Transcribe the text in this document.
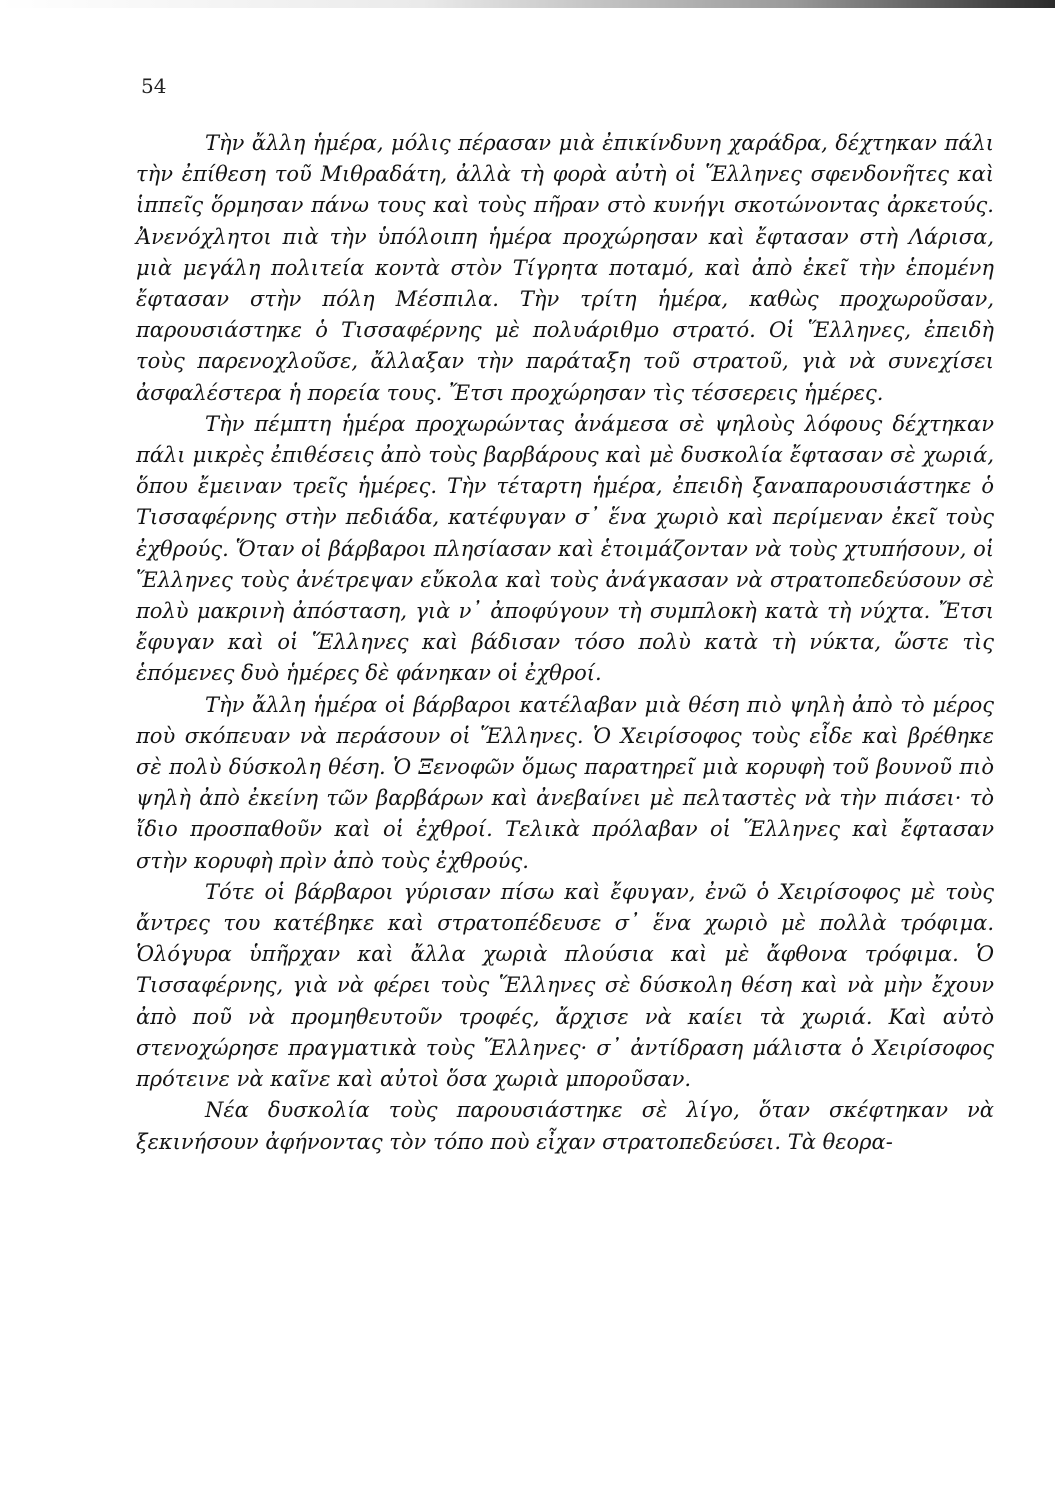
54

Τὴν ἄλλη ἡμέρα, μόλις πέρασαν μιὰ ἐπικίνδυνη χαράδρα, δέχτηκαν πάλι τὴν ἐπίθεση τοῦ Μιθραδάτη, ἀλλὰ τὴ φορὰ αὐτὴ οἱ Ἕλληνες σφενδονῆτες καὶ ἱππεῖς ὅρμησαν πάνω τους καὶ τοὺς πῆραν στὸ κυνήγι σκοτώνοντας ἀρκετούς. Ἀνενόχλητοι πιὰ τὴν ὑπόλοιπη ἡμέρα προχώρησαν καὶ ἔφτασαν στὴ Λάρισα, μιὰ μεγάλη πολιτεία κοντὰ στὸν Τίγρητα ποταμό, καὶ ἀπὸ ἐκεῖ τὴν ἑπομένη ἔφτασαν στὴν πόλη Μέσπιλα. Τὴν τρίτη ἡμέρα, καθὼς προχωροῦσαν, παρουσιάστηκε ὁ Τισσαφέρνης μὲ πολυάριθμο στρατό. Οἱ Ἕλληνες, ἐπειδὴ τοὺς παρενοχλοῦσε, ἄλλαξαν τὴν παράταξη τοῦ στρατοῦ, γιὰ νὰ συνεχίσει ἀσφαλέστερα ἡ πορεία τους. Ἔτσι προχώρησαν τὶς τέσσερεις ἡμέρες.

Τὴν πέμπτη ἡμέρα προχωρώντας ἀνάμεσα σὲ ψηλοὺς λόφους δέχτηκαν πάλι μικρὲς ἐπιθέσεις ἀπὸ τοὺς βαρβάρους καὶ μὲ δυσκολία ἔφτασαν σὲ χωριά, ὅπου ἔμειναν τρεῖς ἡμέρες. Τὴν τέταρτη ἡμέρα, ἐπειδὴ ξαναπαρουσιάστηκε ὁ Τισσαφέρνης στὴν πεδιάδα, κατέφυγαν σ᾽ ἕνα χωριὸ καὶ περίμεναν ἐκεῖ τοὺς ἐχθρούς. Ὅταν οἱ βάρβαροι πλησίασαν καὶ ἑτοιμάζονταν νὰ τοὺς χτυπήσουν, οἱ Ἕλληνες τοὺς ἀνέτρεψαν εὔκολα καὶ τοὺς ἀνάγκασαν νὰ στρατοπεδεύσουν σὲ πολὺ μακρινὴ ἀπόσταση, γιὰ ν᾽ ἀποφύγουν τὴ συμπλοκὴ κατὰ τὴ νύχτα. Ἔτσι ἔφυγαν καὶ οἱ Ἕλληνες καὶ βάδισαν τόσο πολὺ κατὰ τὴ νύκτα, ὥστε τὶς ἑπόμενες δυὸ ἡμέρες δὲ φάνηκαν οἱ ἐχθροί.

Τὴν ἄλλη ἡμέρα οἱ βάρβαροι κατέλαβαν μιὰ θέση πιὸ ψηλὴ ἀπὸ τὸ μέρος ποὺ σκόπευαν νὰ περάσουν οἱ Ἕλληνες. Ὁ Χειρίσοφος τοὺς εἶδε καὶ βρέθηκε σὲ πολὺ δύσκολη θέση. Ὁ Ξενοφῶν ὅμως παρατηρεῖ μιὰ κορυφὴ τοῦ βουνοῦ πιὸ ψηλὴ ἀπὸ ἐκείνη τῶν βαρβάρων καὶ ἀνεβαίνει μὲ πελταστὲς νὰ τὴν πιάσει· τὸ ἴδιο προσπαθοῦν καὶ οἱ ἐχθροί. Τελικὰ πρόλαβαν οἱ Ἕλληνες καὶ ἔφτασαν στὴν κορυφὴ πρὶν ἀπὸ τοὺς ἐχθρούς.

Τότε οἱ βάρβαροι γύρισαν πίσω καὶ ἔφυγαν, ἐνῶ ὁ Χειρίσοφος μὲ τοὺς ἄντρες του κατέβηκε καὶ στρατοπέδευσε σ᾽ ἕνα χωριὸ μὲ πολλὰ τρόφιμα. Ὁλόγυρα ὑπῆρχαν καὶ ἄλλα χωριὰ πλούσια καὶ μὲ ἄφθονα τρόφιμα. Ὁ Τισσαφέρνης, γιὰ νὰ φέρει τοὺς Ἕλληνες σὲ δύσκολη θέση καὶ νὰ μὴν ἔχουν ἀπὸ ποῦ νὰ προμηθευτοῦν τροφές, ἄρχισε νὰ καίει τὰ χωριά. Καὶ αὐτὸ στενοχώρησε πραγματικὰ τοὺς Ἕλληνες· σ᾽ ἀντίδραση μάλιστα ὁ Χειρίσοφος πρότεινε νὰ καῖνε καὶ αὐτοὶ ὅσα χωριὰ μποροῦσαν.

Νέα δυσκολία τοὺς παρουσιάστηκε σὲ λίγο, ὅταν σκέφτηκαν νὰ ξεκινήσουν ἀφήνοντας τὸν τόπο ποὺ εἶχαν στρατοπεδεύσει. Τὰ θεορα-
